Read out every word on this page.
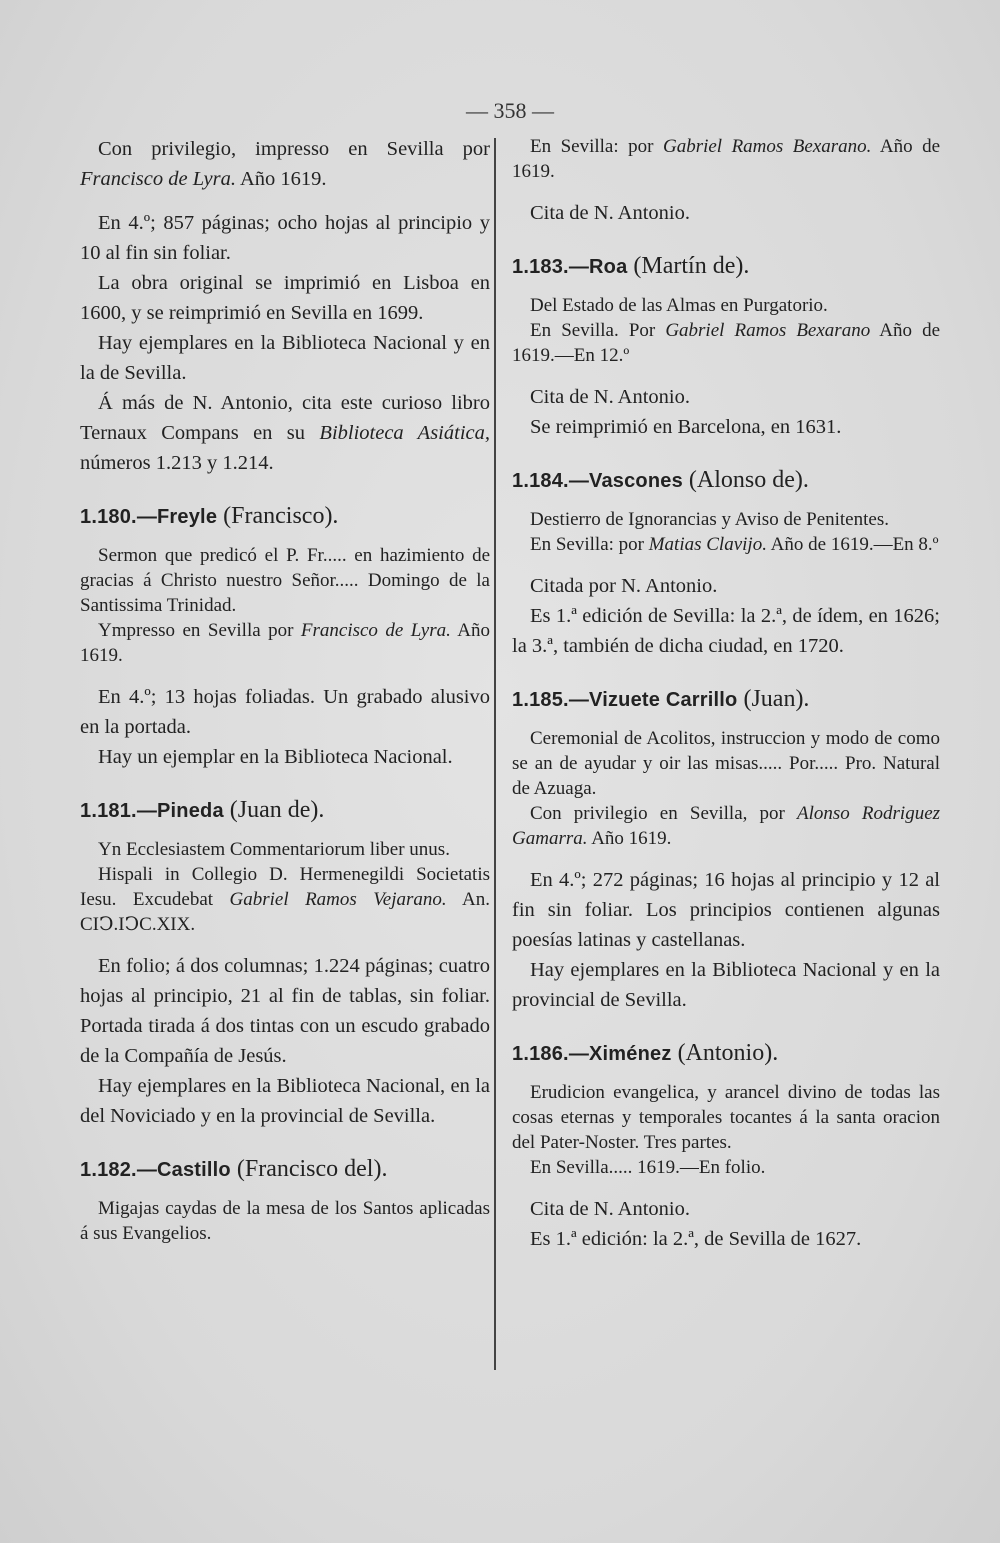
— 358 —

Con privilegio, impresso en Sevilla por Francisco de Lyra. Año 1619.

En 4.º; 857 páginas; ocho hojas al principio y 10 al fin sin foliar.

La obra original se imprimió en Lisboa en 1600, y se reimprimió en Sevilla en 1699.

Hay ejemplares en la Biblioteca Nacional y en la de Sevilla.

Á más de N. Antonio, cita este curioso libro Ternaux Compans en su Biblioteca Asiática, números 1.213 y 1.214.

1.180.—Freyle (Francisco).

Sermon que predicó el P. Fr..... en hazimiento de gracias á Christo nuestro Señor..... Domingo de la Santissima Trinidad.

Ympresso en Sevilla por Francisco de Lyra. Año 1619.

En 4.º; 13 hojas foliadas. Un grabado alusivo en la portada.

Hay un ejemplar en la Biblioteca Nacional.

1.181.—Pineda (Juan de).

Yn Ecclesiastem Commentariorum liber unus.

Hispali in Collegio D. Hermenegildi Societatis Iesu. Excudebat Gabriel Ramos Vejarano. An. CIↃ.IↃC.XIX.

En folio; á dos columnas; 1.224 páginas; cuatro hojas al principio, 21 al fin de tablas, sin foliar. Portada tirada á dos tintas con un escudo grabado de la Compañía de Jesús.

Hay ejemplares en la Biblioteca Nacional, en la del Noviciado y en la provincial de Sevilla.

1.182.—Castillo (Francisco del).

Migajas caydas de la mesa de los Santos aplicadas á sus Evangelios.

En Sevilla: por Gabriel Ramos Bexarano. Año de 1619.

Cita de N. Antonio.

1.183.—Roa (Martín de).

Del Estado de las Almas en Purgatorio.

En Sevilla. Por Gabriel Ramos Bexarano Año de 1619.—En 12.º

Cita de N. Antonio.

Se reimprimió en Barcelona, en 1631.

1.184.—Vascones (Alonso de).

Destierro de Ignorancias y Aviso de Penitentes.

En Sevilla: por Matias Clavijo. Año de 1619.—En 8.º

Citada por N. Antonio.

Es 1.ª edición de Sevilla: la 2.ª, de ídem, en 1626; la 3.ª, también de dicha ciudad, en 1720.

1.185.—Vizuete Carrillo (Juan).

Ceremonial de Acolitos, instruccion y modo de como se an de ayudar y oir las misas..... Por..... Pro. Natural de Azuaga.

Con privilegio en Sevilla, por Alonso Rodriguez Gamarra. Año 1619.

En 4.º; 272 páginas; 16 hojas al principio y 12 al fin sin foliar. Los principios contienen algunas poesías latinas y castellanas.

Hay ejemplares en la Biblioteca Nacional y en la provincial de Sevilla.

1.186.—Ximénez (Antonio).

Erudicion evangelica, y arancel divino de todas las cosas eternas y temporales tocantes á la santa oracion del Pater-Noster. Tres partes.

En Sevilla..... 1619.—En folio.

Cita de N. Antonio.

Es 1.ª edición: la 2.ª, de Sevilla de 1627.
